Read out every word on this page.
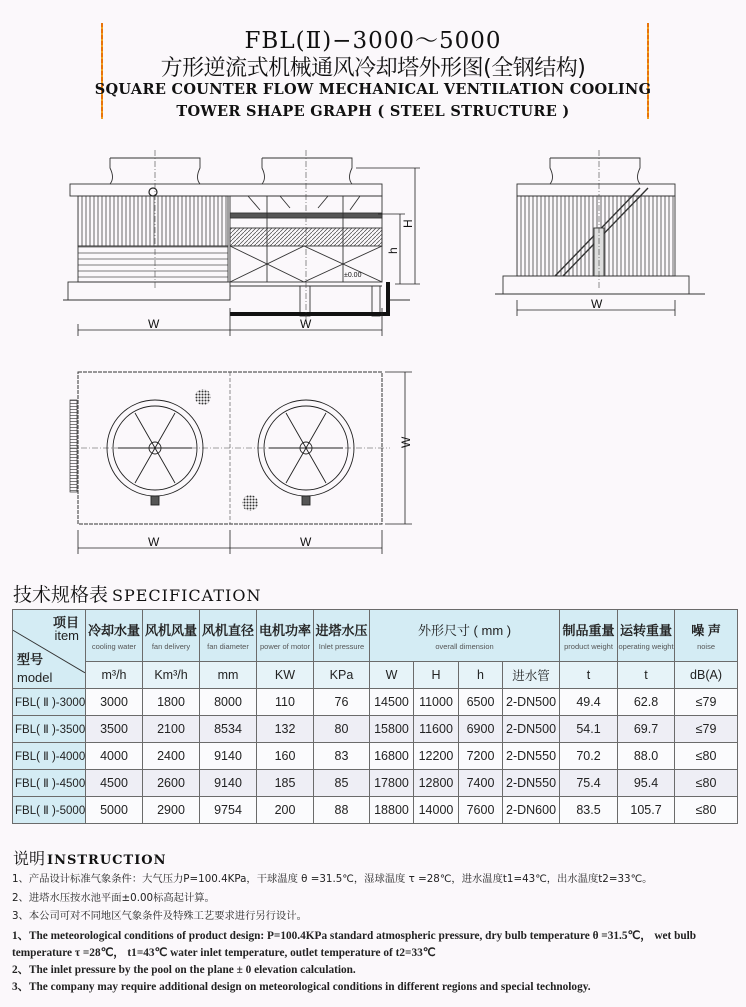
FBL(Ⅱ)−3000～5000
方形逆流式机械通风冷却塔外形图(全钢结构)
SQUARE COUNTER FLOW MECHANICAL VENTILATION COOLING
TOWER SHAPE GRAPH ( STEEL STRUCTURE )
W	W
H
h
±0.00
W
W	W
W
技术规格表 SPECIFICATION
项目
item
型号
model	冷却水量
cooling water	风机风量
fan delivery	风机直径
fan diameter	电机功率
power of motor	进塔水压
Inlet pressure	外形尺寸 ( mm )
overall dimension				制品重量
product weight	运转重量
operating weight	噪 声
noise

	m³/h	Km³/h	mm	KW	KPa	W	H	h	进水管	t	t	dB(A)
FBL( Ⅱ )-3000	3000	1800	8000	110	76	14500	11000	6500	2-DN500	49.4	62.8	≤79
FBL( Ⅱ )-3500	3500	2100	8534	132	80	15800	11600	6900	2-DN500	54.1	69.7	≤79
FBL( Ⅱ )-4000	4000	2400	9140	160	83	16800	12200	7200	2-DN550	70.2	88.0	≤80
FBL( Ⅱ )-4500	4500	2600	9140	185	85	17800	12800	7400	2-DN550	75.4	95.4	≤80
FBL( Ⅱ )-5000	5000	2900	9754	200	88	18800	14000	7600	2-DN600	83.5	105.7	≤80
说明 INSTRUCTION
1、产品设计标准气象条件：大气压力P=100.4KPa，干球温度 θ =31.5℃，湿球温度 τ =28℃，进水温度t1=43℃，出水温度t2=33℃。
2、进塔水压按水池平面±0.00标高起计算。
3、本公司可对不同地区气象条件及特殊工艺要求进行另行设计。
1、The meteorological conditions of product design: P=100.4KPa standard atmospheric pressure, dry bulb temperature θ =31.5℃， wet bulb
temperature τ =28℃， t1=43℃ water inlet temperature, outlet temperature of t2=33℃
2、The inlet pressure by the pool on the plane ± 0 elevation calculation.
3、The company may require additional design on meteorological conditions in different regions and special technology.
